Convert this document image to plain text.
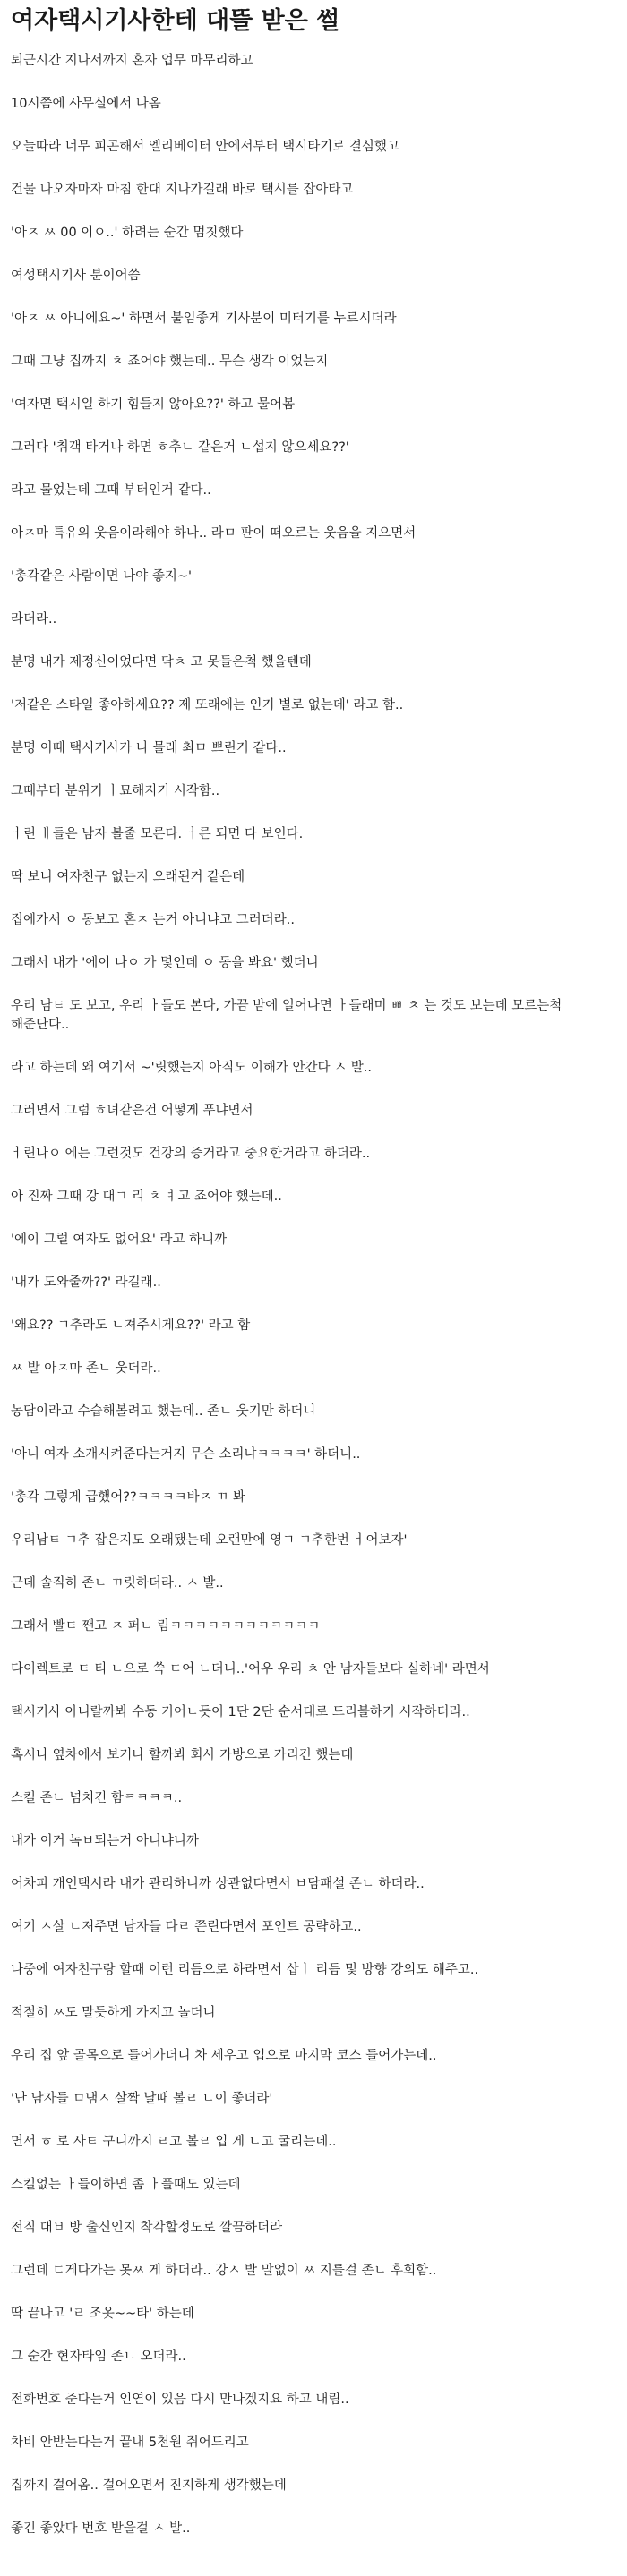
여자택시기사한테 대뜰 받은 썰

퇴근시간 지나서까지 혼자 업무 마무리하고

10시쯤에 사무실에서 나옴

오늘따라 너무 피곤해서 엘리베이터 안에서부터 택시타기로 결심했고

건물 나오자마자 마침 한대 지나가길래 바로 택시를 잡아타고

'아ㅈ ㅆ 00 이ㅇ..' 하려는 순간 멈칫했다

여성택시기사 분이어씀

'아ㅈ ㅆ 아니에요~' 하면서 불임좋게 기사분이 미터기를 누르시더라

그때 그냥 집까지 ㅊ 죠어야 했는데.. 무슨 생각 이었는지

'여자면 택시일 하기 힘들지 않아요??' 하고 물어봄

그러다 '취객 타거나 하면 ㅎ추ㄴ 같은거 ㄴ섭지 않으세요??'

라고 물었는데 그때 부터인거 같다..

아ㅈ마 특유의 웃음이라해야 하나.. 라ㅁ 판이 떠오르는 웃음을 지으면서

'총각같은 사람이면 나야 좋지~'

라더라..

분명 내가 제정신이었다면 닥ㅊ 고 못들은척 했을텐데

'저같은 스타일 좋아하세요?? 제 또래에는 인기 별로 없는데' 라고 함..

분명 이때 택시기사가 나 몰래 최ㅁ 쁘린거 같다..

그때부터 분위기 ㅣ묘해지기 시작함..

ㅓ린 ㅐ들은 남자 볼줄 모른다. ㅓ른 되면 다 보인다.

딱 보니 여자친구 없는지 오래된거 같은데

집에가서 ㅇ 동보고 혼ㅈ 는거 아니냐고 그러더라..

그래서 내가 '에이 나ㅇ 가 몇인데 ㅇ 동을 봐요' 했더니

우리 남ㅌ 도 보고, 우리 ㅏ들도 본다, 가끔 밤에 일어나면 ㅏ들래미 ㅃ ㅊ 는 것도 보는데 모르는척 해준단다..

라고 하는데 왜 여기서 ~'릿했는지 아직도 이해가 안간다 ㅅ 발..

그러면서 그럼 ㅎ녀같은건 어떻게 푸냐면서

ㅓ린나ㅇ 에는 그런것도 건강의 증거라고 중요한거라고 하더라..

아 진짜 그때 강 대ㄱ 리 ㅊ ㅕ고 죠어야 했는데..

'에이 그럴 여자도 없어요' 라고 하니까

'내가 도와줄까??' 라길래..

'왜요?? ㄱ추라도 ㄴ져주시게요??' 라고 함

ㅆ 발 아ㅈ마 존ㄴ 웃더라..

농담이라고 수습해볼려고 했는데.. 존ㄴ 웃기만 하더니

'아니 여자 소개시켜준다는거지 무슨 소리냐ㅋㅋㅋㅋ' 하더니..

'총각 그렇게 급했어??ㅋㅋㅋㅋ바ㅈ ㄲ 봐

우리남ㅌ ㄱ추 잡은지도 오래됐는데 오랜만에 영ㄱ ㄱ추한번 ㅓ어보자'

근데 솔직히 존ㄴ ㄲ릿하더라.. ㅅ 발..

그래서 빨ㅌ 짼고 ㅈ 퍼ㄴ 림ㅋㅋㅋㅋㅋㅋㅋㅋㅋㅋㅋㅋ

다이렉트로 ㅌ 티 ㄴ으로 쑥 ㄷ어 ㄴ더니..'어우 우리 ㅊ 안 남자들보다 실하네' 라면서

택시기사 아니랄까봐 수동 기어ㄴ듯이 1단 2단 순서대로 드리블하기 시작하더라..

혹시나 옆차에서 보거나 할까봐 회사 가방으로 가리긴 했는데

스킬 존ㄴ 넘치긴 함ㅋㅋㅋㅋ..

내가 이거 녹ㅂ되는거 아니냐니까

어차피 개인택시라 내가 관리하니까 상관없다면서 ㅂ담패설 존ㄴ 하더라..

여기 ㅅ살 ㄴ져주면 남자들 다ㄹ 쯘린다면서 포인트 공략하고..

나중에 여자친구랑 할때 이런 리듬으로 하라면서 삽ㅣ 리듬 및 방향 강의도 해주고..

적절히 ㅆ도 말듯하게 가지고 놀더니

우리 집 앞 골목으로 들어가더니 차 세우고 입으로 마지막 코스 들어가는데..

'난 남자들 ㅁ냄ㅅ 살짝 날때 볼ㄹ ㄴ이 좋더라'

면서 ㅎ 로 사ㅌ 구니까지 ㄹ고 볼ㄹ 입 게 ㄴ고 굴리는데..

스킬없는 ㅏ들이하면 좀 ㅏ플때도 있는데

전직 대ㅂ 방 출신인지 착각할정도로 깔끔하더라

그런데 ㄷ게다가는 못ㅆ 게 하더라.. 강ㅅ 발 말없이 ㅆ 지를걸 존ㄴ 후회함..

딱 끝나고 'ㄹ 조옷~~타' 하는데

그 순간 현자타임 존ㄴ 오더라..

전화번호 준다는거 인연이 있음 다시 만나겠지요 하고 내림..

차비 안받는다는거 끝내 5천원 쥐어드리고

집까지 걸어옴.. 걸어오면서 진지하게 생각했는데

좋긴 좋았다 번호 받을걸 ㅅ 발..
